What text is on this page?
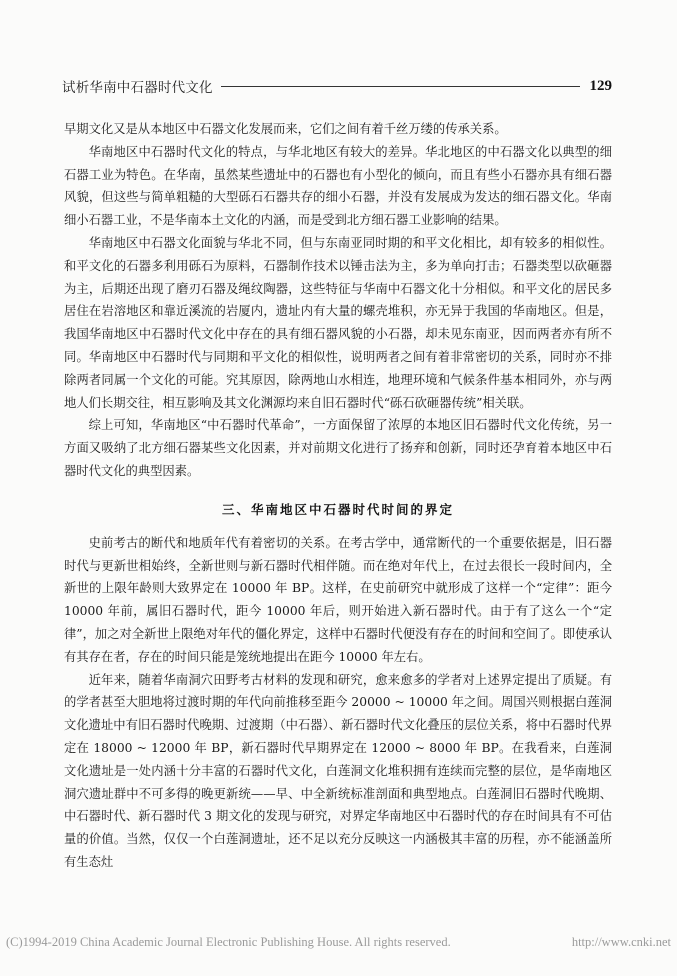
试析华南中石器时代文化	129

早期文化又是从本地区中石器文化发展而来，它们之间有着千丝万缕的传承关系。

华南地区中石器时代文化的特点，与华北地区有较大的差异。华北地区的中石器文化以典型的细石器工业为特色。在华南，虽然某些遗址中的石器也有小型化的倾向，而且有些小石器亦具有细石器风貌，但这些与简单粗糙的大型砾石石器共存的细小石器，并没有发展成为发达的细石器文化。华南细小石器工业，不是华南本土文化的内涵，而是受到北方细石器工业影响的结果。

华南地区中石器文化面貌与华北不同，但与东南亚同时期的和平文化相比，却有较多的相似性。和平文化的石器多利用砾石为原料，石器制作技术以锤击法为主，多为单向打击；石器类型以砍砸器为主，后期还出现了磨刃石器及绳纹陶器，这些特征与华南中石器文化十分相似。和平文化的居民多居住在岩溶地区和靠近溪流的岩厦内，遗址内有大量的螺壳堆积，亦无异于我国的华南地区。但是，我国华南地区中石器时代文化中存在的具有细石器风貌的小石器，却未见东南亚，因而两者亦有所不同。华南地区中石器时代与同期和平文化的相似性，说明两者之间有着非常密切的关系，同时亦不排除两者同属一个文化的可能。究其原因，除两地山水相连，地理环境和气候条件基本相同外，亦与两地人们长期交往，相互影响及其文化渊源均来自旧石器时代“砾石砍砸器传统”相关联。

综上可知，华南地区“中石器时代革命”，一方面保留了浓厚的本地区旧石器时代文化传统，另一方面又吸纳了北方细石器某些文化因素，并对前期文化进行了扬弃和创新，同时还孕育着本地区中石器时代文化的典型因素。

三、华南地区中石器时代时间的界定

史前考古的断代和地质年代有着密切的关系。在考古学中，通常断代的一个重要依据是，旧石器时代与更新世相始终，全新世则与新石器时代相伴随。而在绝对年代上，在过去很长一段时间内，全新世的上限年龄则大致界定在 10000 年 BP。这样，在史前研究中就形成了这样一个“定律”：距今 10000 年前，属旧石器时代，距今 10000 年后，则开始进入新石器时代。由于有了这么一个“定律”，加之对全新世上限绝对年代的僵化界定，这样中石器时代便没有存在的时间和空间了。即使承认有其存在者，存在的时间只能是笼统地提出在距今 10000 年左右。

近年来，随着华南洞穴田野考古材料的发现和研究，愈来愈多的学者对上述界定提出了质疑。有的学者甚至大胆地将过渡时期的年代向前推移至距今 20000 ~ 10000 年之间。周国兴则根据白莲洞文化遗址中有旧石器时代晚期、过渡期（中石器）、新石器时代文化叠压的层位关系，将中石器时代界定在 18000 ~ 12000 年 BP，新石器时代早期界定在 12000 ~ 8000 年 BP。在我看来，白莲洞文化遗址是一处内涵十分丰富的石器时代文化，白莲洞文化堆积拥有连续而完整的层位，是华南地区洞穴遗址群中不可多得的晚更新统——早、中全新统标准剖面和典型地点。白莲洞旧石器时代晚期、中石器时代、新石器时代 3 期文化的发现与研究，对界定华南地区中石器时代的存在时间具有不可估量的价值。当然，仅仅一个白莲洞遗址，还不足以充分反映这一内涵极其丰富的历程，亦不能涵盖所有生态灶

(C)1994-2019 China Academic Journal Electronic Publishing House. All rights reserved.	http://www.cnki.net
